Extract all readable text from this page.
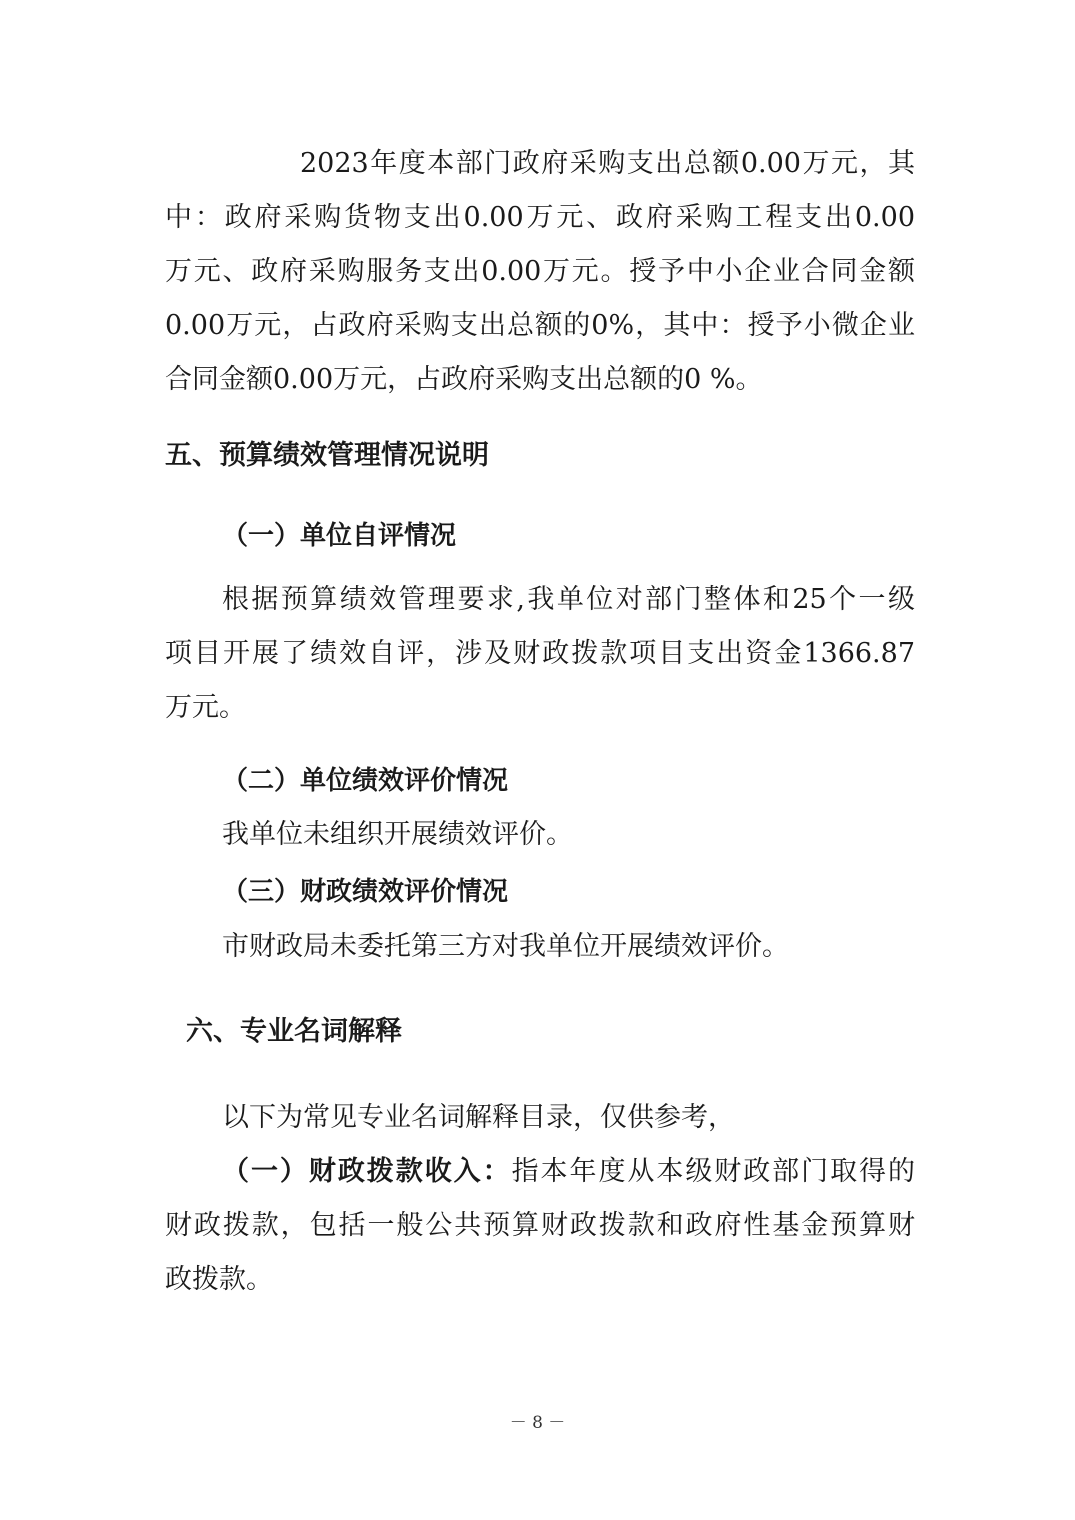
2023年度本部门政府采购支出总额0.00万元，其
中：政府采购货物支出0.00万元、政府采购工程支出0.00
万元、政府采购服务支出0.00万元。授予中小企业合同金额
0.00万元，占政府采购支出总额的0%，其中：授予小微企业
合同金额0.00万元，占政府采购支出总额的0 %。
五、预算绩效管理情况说明
（一）单位自评情况
根据预算绩效管理要求,我单位对部门整体和25个一级
项目开展了绩效自评，涉及财政拨款项目支出资金1366.87
万元。
（二）单位绩效评价情况
我单位未组织开展绩效评价。
（三）财政绩效评价情况
市财政局未委托第三方对我单位开展绩效评价。
六、专业名词解释
以下为常见专业名词解释目录，仅供参考，
（一）财政拨款收入：指本年度从本级财政部门取得的
财政拨款，包括一般公共预算财政拨款和政府性基金预算财
政拨款。
－ 8 －
